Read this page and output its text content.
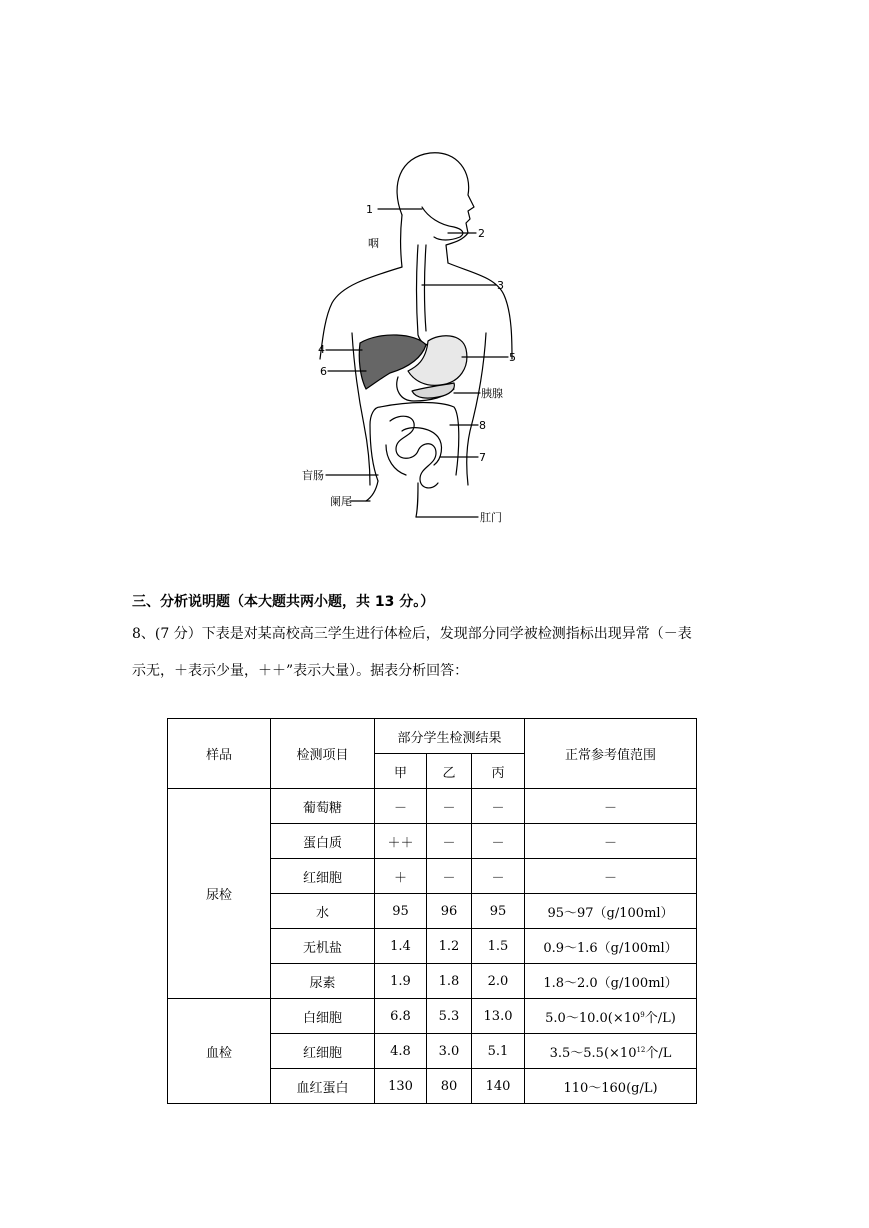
1
咽
2
3
4
5
6
胰腺
8
7
盲肠
阑尾
肛门
三、分析说明题（本大题共两小题，共 13 分。）
8、(7 分）下表是对某高校高三学生进行体检后，发现部分同学被检测指标出现异常（－表
示无，＋表示少量，＋＋”表示大量）。据表分析回答：
样品	检测项目	部分学生检测结果			正常参考值范围
		甲	乙	丙	
尿检	葡萄糖	－	－	－	－
	蛋白质	＋＋	－	－	－
	红细胞	＋	－	－	－
	水	95	96	95	95～97（g/100ml）
	无机盐	1.4	1.2	1.5	0.9～1.6（g/100ml）
	尿素	1.9	1.8	2.0	1.8～2.0（g/100ml）
血检	白细胞	6.8	5.3	13.0	$5.0\sim 10.0(\times 10^9$个/L)
	红细胞	4.8	3.0	5.1	$3.5\sim 5.5(\times 10^{12}$个/L
	血红蛋白	130	80	140	110～160(g/L)
